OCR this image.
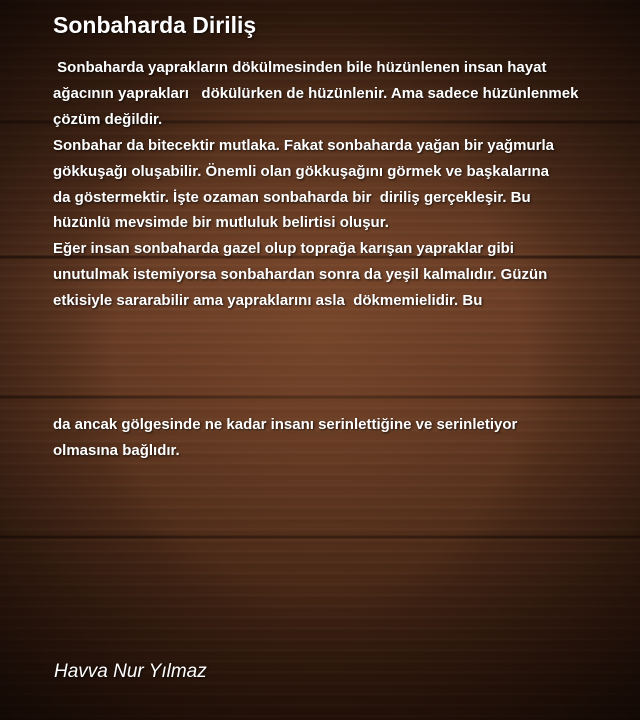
Sonbaharda Diriliş
Sonbaharda yaprakların dökülmesinden bile hüzünlenen insan hayat
ağacının yaprakları   dökülürken de hüzünlenir. Ama sadece hüzünlenmek
çözüm değildir.
Sonbahar da bitecektir mutlaka. Fakat sonbaharda yağan bir yağmurla
gökkuşağı oluşabilir. Önemli olan gökkuşağını görmek ve başkalarına
da göstermektir. İşte ozaman sonbaharda bir  diriliş gerçekleşir. Bu
hüzünlü mevsimde bir mutluluk belirtisi oluşur.
Eğer insan sonbaharda gazel olup toprağa karışan yapraklar gibi
unutulmak istemiyorsa sonbahardan sonra da yeşil kalmalıdır. Güzün
etkisiyle sararabilir ama yapraklarını asla  dökmemielidir. Bu
da ancak gölgesinde ne kadar insanı serinlettiğine ve serinletiyor
olmasına bağlıdır.
Havva Nur Yılmaz
